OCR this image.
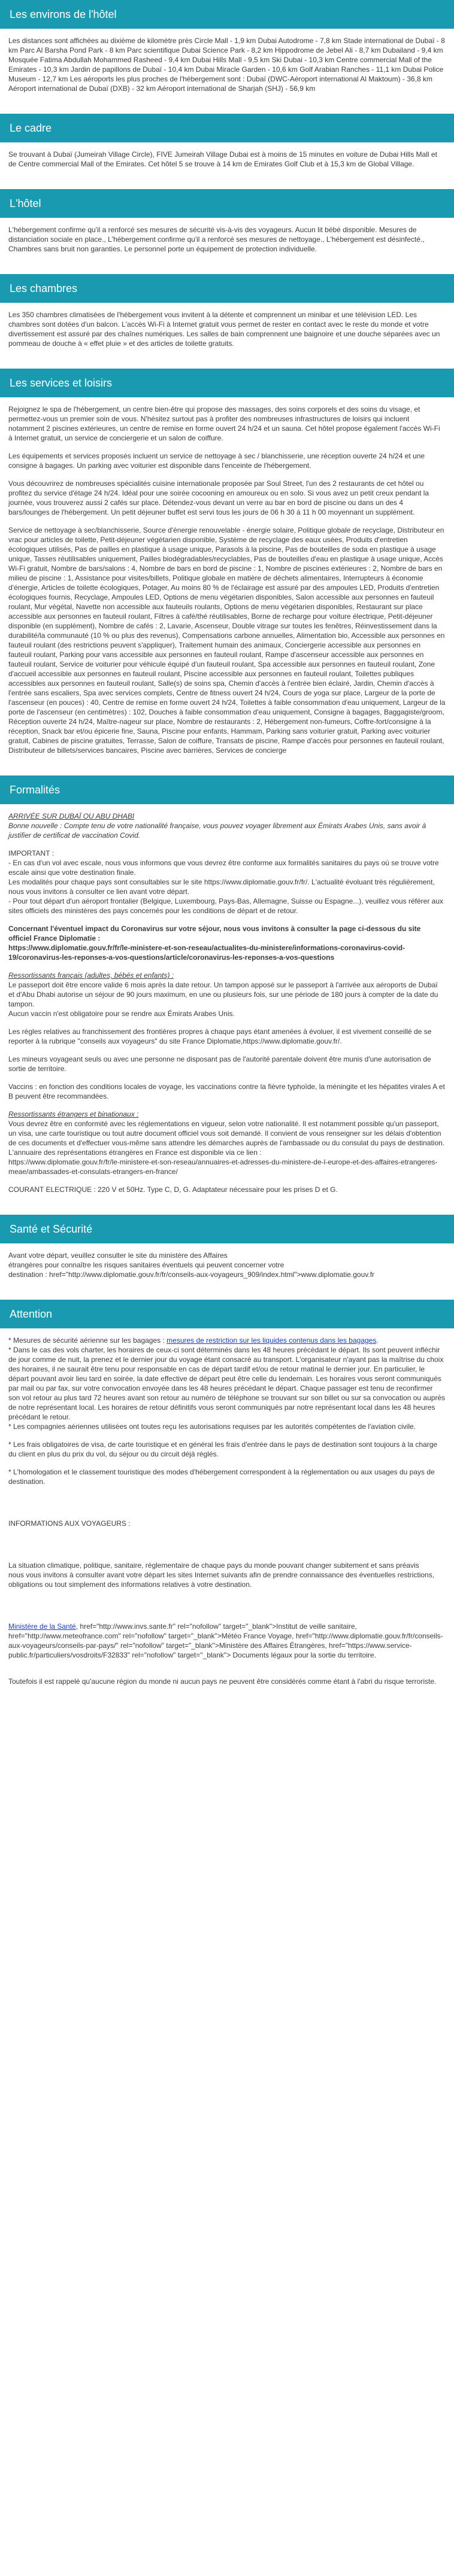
Les environs de l'hôtel

Les distances sont affichées au dixième de kilomètre près Circle Mall - 1,9 km Dubai Autodrome - 7,8 km Stade international de Dubaï - 8 km Parc Al Barsha Pond Park - 8 km Parc scientifique Dubai Science Park - 8,2 km Hippodrome de Jebel Ali - 8,7 km Dubailand - 9,4 km Mosquée Fatima Abdullah Mohammed Rasheed - 9,4 km Dubai Hills Mall - 9,5 km Ski Dubai - 10,3 km Centre commercial Mall of the Emirates - 10,3 km Jardin de papillons de Dubaï - 10,4 km Dubai Miracle Garden - 10,6 km Golf Arabian Ranches - 11,1 km Dubai Police Museum - 12,7 km Les aéroports les plus proches de l'hébergement sont : Dubaï (DWC-Aéroport international Al Maktoum) - 36,8 km Aéroport international de Dubaï (DXB) - 32 km Aéroport international de Sharjah (SHJ) - 56,9 km

Le cadre

Se trouvant à Dubaï (Jumeirah Village Circle), FIVE Jumeirah Village Dubai est à moins de 15 minutes en voiture de Dubai Hills Mall et de Centre commercial Mall of the Emirates. Cet hôtel 5 se trouve à 14 km de Emirates Golf Club et à 15,3 km de Global Village.

L'hôtel

L'hébergement confirme qu'il a renforcé ses mesures de sécurité vis-à-vis des voyageurs. Aucun lit bébé disponible. Mesures de distanciation sociale en place., L'hébergement confirme qu'il a renforcé ses mesures de nettoyage., L'hébergement est désinfecté., Chambres sans bruit non garanties. Le personnel porte un équipement de protection individuelle.

Les chambres

Les 350 chambres climatisées de l'hébergement vous invitent à la détente et comprennent un minibar et une télévision LED. Les chambres sont dotées d'un balcon. L'accès Wi-Fi à Internet gratuit vous permet de rester en contact avec le reste du monde et votre divertissement est assuré par des chaînes numériques. Les salles de bain comprennent une baignoire et une douche séparées avec un pommeau de douche à « effet pluie » et des articles de toilette gratuits.

Les services et loisirs

Rejoignez le spa de l'hébergement, un centre bien-être qui propose des massages, des soins corporels et des soins du visage, et permettez-vous un premier soin de vous. N'hésitez surtout pas à profiter des nombreuses infrastructures de loisirs qui incluent notamment 2 piscines extérieures, un centre de remise en forme ouvert 24 h/24 et un sauna. Cet hôtel propose également l'accès Wi-Fi à Internet gratuit, un service de conciergerie et un salon de coiffure.

Les équipements et services proposés incluent un service de nettoyage à sec / blanchisserie, une réception ouverte 24 h/24 et une consigne à bagages. Un parking avec voiturier est disponible dans l'enceinte de l'hébergement.

Vous découvrirez de nombreuses spécialités cuisine internationale proposée par Soul Street, l'un des 2 restaurants de cet hôtel ou profitez du service d'étage 24 h/24. Idéal pour une soirée cocooning en amoureux ou en solo. Si vous avez un petit creux pendant la journée, vous trouverez aussi 2 cafés sur place. Détendez-vous devant un verre au bar en bord de piscine ou dans un des 4 bars/lounges de l'hébergement. Un petit déjeuner buffet est servi tous les jours de 06 h 30 à 11 h 00 moyennant un supplément.

Service de nettoyage à sec/blanchisserie, Source d'énergie renouvelable - énergie solaire, Politique globale de recyclage, Distributeur en vrac pour articles de toilette, Petit-déjeuner végétarien disponible, Système de recyclage des eaux usées, Produits d'entretien écologiques utilisés, Pas de pailles en plastique à usage unique, Parasols à la piscine, Pas de bouteilles de soda en plastique à usage unique, Tasses réutilisables uniquement, Pailles biodégradables/recyclables, Pas de bouteilles d'eau en plastique à usage unique, Accès Wi-Fi gratuit, Nombre de bars/salons : 4, Nombre de bars en bord de piscine : 1, Nombre de piscines extérieures : 2, Nombre de bars en milieu de piscine : 1, Assistance pour visites/billets, Politique globale en matière de déchets alimentaires, Interrupteurs à économie d'énergie, Articles de toilette écologiques, Potager, Au moins 80 % de l'éclairage est assuré par des ampoules LED, Produits d'entretien écologiques fournis, Recyclage, Ampoules LED, Options de menu végétarien disponibles, Salon accessible aux personnes en fauteuil roulant, Mur végétal, Navette non accessible aux fauteuils roulants, Options de menu végétarien disponibles, Restaurant sur place accessible aux personnes en fauteuil roulant, Filtres à café/thé réutilisables, Borne de recharge pour voiture électrique, Petit-déjeuner disponible (en supplément), Nombre de cafés : 2, Lavarie, Ascenseur, Double vitrage sur toutes les fenêtres, Réinvestissement dans la durabilité/la communauté (10 % ou plus des revenus), Compensations carbone annuelles, Alimentation bio, Accessible aux personnes en fauteuil roulant (des restrictions peuvent s'appliquer), Traitement humain des animaux, Conciergerie accessible aux personnes en fauteuil roulant, Parking pour vans accessible aux personnes en fauteuil roulant, Rampe d'ascenseur accessible aux personnes en fauteuil roulant, Service de voiturier pour véhicule équipé d'un fauteuil roulant, Spa accessible aux personnes en fauteuil roulant, Zone d'accueil accessible aux personnes en fauteuil roulant, Piscine accessible aux personnes en fauteuil roulant, Toilettes publiques accessibles aux personnes en fauteuil roulant, Salle(s) de soins spa, Chemin d'accès à l'entrée bien éclairé, Jardin, Chemin d'accès à l'entrée sans escaliers, Spa avec services complets, Centre de fitness ouvert 24 h/24, Cours de yoga sur place, Largeur de la porte de l'ascenseur (en pouces) : 40, Centre de remise en forme ouvert 24 h/24, Toilettes à faible consommation d'eau uniquement, Largeur de la porte de l'ascenseur (en centimètres) : 102, Douches à faible consommation d'eau uniquement, Consigne à bagages, Baggagiste/groom, Réception ouverte 24 h/24, Maître-nageur sur place, Nombre de restaurants : 2, Hébergement non-fumeurs, Coffre-fort/consigne à la réception, Snack bar et/ou épicerie fine, Sauna, Piscine pour enfants, Hammam, Parking sans voiturier gratuit, Parking avec voiturier gratuit, Cabines de piscine gratuites, Terrasse, Salon de coiffure, Transats de piscine, Rampe d'accès pour personnes en fauteuil roulant, Distributeur de billets/services bancaires, Piscine avec barrières, Services de concierge

Formalités

ARRIVÉE SUR DUBAÏ OU ABU DHABI

Bonne nouvelle : Compte tenu de votre nationalité française, vous pouvez voyager librement aux Émirats Arabes Unis, sans avoir à justifier de certificat de vaccination Covid.

IMPORTANT :

- En cas d'un vol avec escale, nous vous informons que vous devrez être conforme aux formalités sanitaires du pays où se trouve votre escale ainsi que votre destination finale.
Les modalités pour chaque pays sont consultables sur le site https://www.diplomatie.gouv.fr/fr/. L'actualité évoluant très régulièrement, nous vous invitons à consulter ce lien avant votre départ.
- Pour tout départ d'un aéroport frontalier (Belgique, Luxembourg, Pays-Bas, Allemagne, Suisse ou Espagne...), veuillez vous référer aux sites officiels des ministères des pays concernés pour les conditions de départ et de retour.

Concernant l'éventuel impact du Coronavirus sur votre séjour, nous vous invitons à consulter la page ci-dessous du site officiel France Diplomatie :
https://www.diplomatie.gouv.fr/fr/le-ministere-et-son-reseau/actualites-du-ministere/informations-coronavirus-covid-19/coronavirus-les-reponses-a-vos-questions/article/coronavirus-les-reponses-a-vos-questions

Ressortissants français (adultes, bébés et enfants) :

Le passeport doit être encore valide 6 mois après la date retour. Un tampon apposé sur le passeport à l'arrivée aux aéroports de Dubaï et d'Abu Dhabi autorise un séjour de 90 jours maximum, en une ou plusieurs fois, sur une période de 180 jours à compter de la date du tampon.
Aucun vaccin n'est obligatoire pour se rendre aux Émirats Arabes Unis.

Les règles relatives au franchissement des frontières propres à chaque pays étant amenées à évoluer, il est vivement conseillé de se reporter à la rubrique "conseils aux voyageurs" du site France Diplomatie,https://www.diplomatie.gouv.fr/.

Les mineurs voyageant seuls ou avec une personne ne disposant pas de l'autorité parentale doivent être munis d'une autorisation de sortie de territoire.

Vaccins : en fonction des conditions locales de voyage, les vaccinations contre la fièvre typhoïde, la méningite et les hépatites virales A et B peuvent être recommandées.

Ressortissants étrangers et binationaux :

Vous devrez être en conformité avec les réglementations en vigueur, selon votre nationalité. Il est notamment possible qu'un passeport, un visa, une carte touristique ou tout autre document officiel vous soit demandé. Il convient de vous renseigner sur les délais d'obtention de ces documents et d'effectuer vous-même sans attendre les démarches auprès de l'ambassade ou du consulat du pays de destination.
L'annuaire des représentations étrangères en France est disponible via ce lien :
https://www.diplomatie.gouv.fr/fr/le-ministere-et-son-reseau/annuaires-et-adresses-du-ministere-de-l-europe-et-des-affaires-etrangeres-meae/ambassades-et-consulats-etrangers-en-france/

COURANT ELECTRIQUE : 220 V et 50Hz. Type C, D, G. Adaptateur nécessaire pour les prises D et G.

Santé et Sécurité

Avant votre départ, veuillez consulter le site du ministère des Affaires
étrangères pour connaître les risques sanitaires éventuels qui peuvent concerner votre
destination : href="http://www.diplomatie.gouv.fr/fr/conseils-aux-voyageurs_909/index.html">www.diplomatie.gouv.fr

Attention

* Mesures de sécurité aérienne sur les bagages : mesures de restriction sur les liquides contenus dans les bagages.
* Dans le cas des vols charter, les horaires de ceux-ci sont déterminés dans les 48 heures précédant le départ. Ils sont peuvent infléchir de jour comme de nuit, la prenez et le dernier jour du voyage étant consacré au transport. L'organisateur n'ayant pas la maîtrise du choix des horaires, il ne saurait être tenu pour responsable en cas de départ tardif et/ou de retour matinal le dernier jour. En particulier, le départ pouvant avoir lieu tard en soirée, la date effective de départ peut être celle du lendemain. Les horaires vous seront communiqués par mail ou par fax, sur votre convocation envoyée dans les 48 heures précédant le départ. Chaque passager est tenu de reconfirmer son vol retour au plus tard 72 heures avant son retour au numéro de téléphone se trouvant sur son billet ou sur sa convocation ou auprès de notre représentant local. Les horaires de retour définitifs vous seront communiqués par notre représentant local dans les 48 heures précédant le retour.
* Les compagnies aériennes utilisées ont toutes reçu les autorisations requises par les autorités compétentes de l'aviation civile.

* Les frais obligatoires de visa, de carte touristique et en général les frais d'entrée dans le pays de destination sont toujours à la charge du client en plus du prix du vol, du séjour ou du circuit déjà réglés.

* L'homologation et le classement touristique des modes d'hébergement correspondent à la réglementation ou aux usages du pays de destination.

INFORMATIONS AUX VOYAGEURS :

La situation climatique, politique, sanitaire, réglementaire de chaque pays du monde pouvant changer subitement et sans préavis
nous vous invitons à consulter avant votre départ les sites Internet suivants afin de prendre connaissance des éventuelles restrictions, obligations ou tout simplement des informations relatives à votre destination.

Ministère de la Santé, href="http://www.invs.sante.fr" rel="nofollow" target="_blank">Institut de veille sanitaire, href="http://www.meteofrance.com" rel="nofollow" target="_blank">Météo France Voyage, href="http://www.diplomatie.gouv.fr/fr/conseils-aux-voyageurs/conseils-par-pays/" rel="nofollow" target="_blank">Ministère des Affaires Étrangères, href="https://www.service-public.fr/particuliers/vosdroits/F32833" rel="nofollow" target="_blank"> Documents légaux pour la sortie du territoire.

Toutefois il est rappelé qu'aucune région du monde ni aucun pays ne peuvent être considérés comme étant à l'abri du risque terroriste.
